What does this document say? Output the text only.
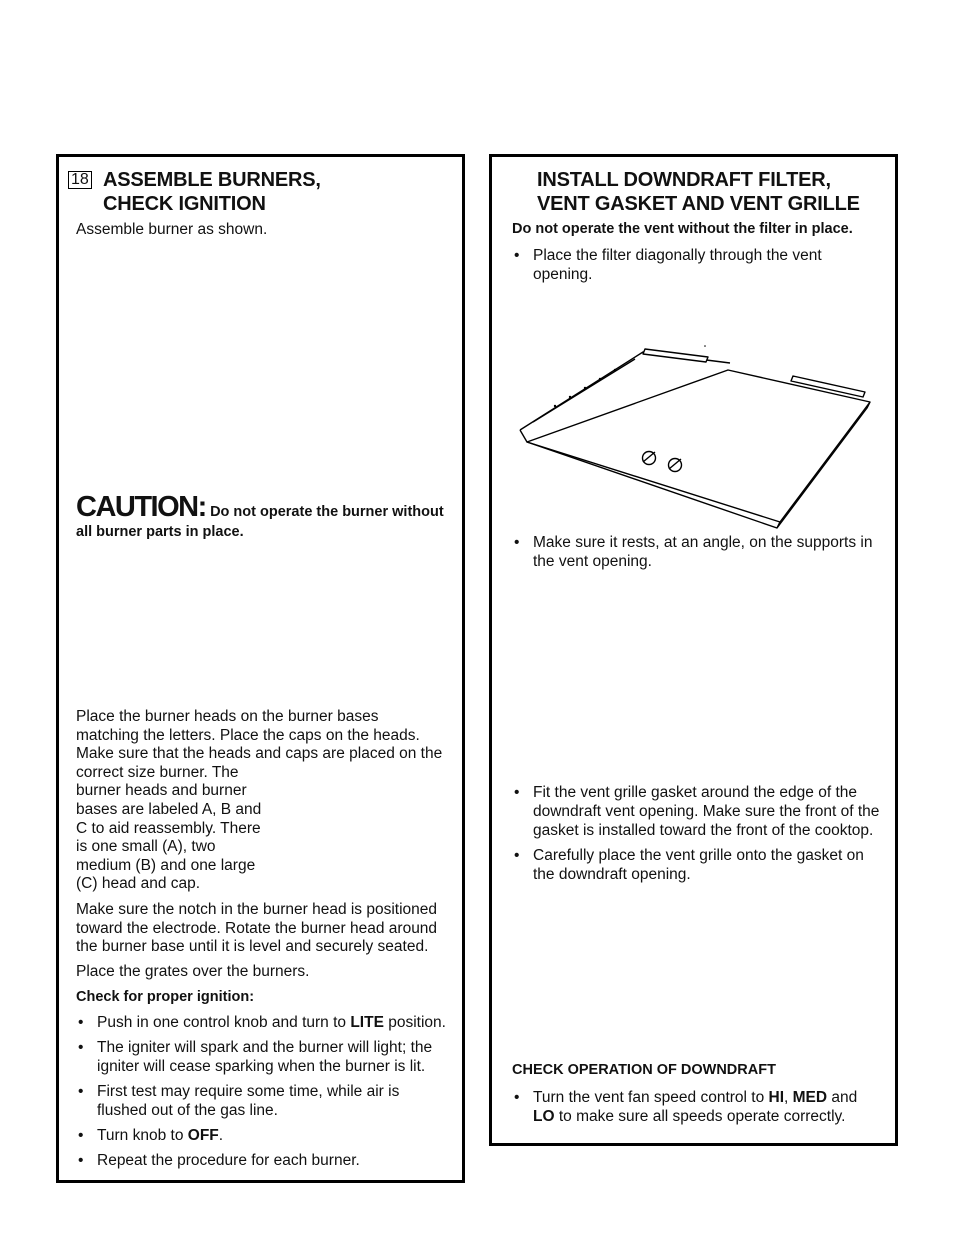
18 ASSEMBLE BURNERS,
CHECK IGNITION
Assemble burner as shown.
CAUTION: Do not operate the burner without
all burner parts in place.
Place the burner heads on the burner bases
matching the letters. Place the caps on the heads.
Make sure that the heads and caps are placed on the
correct size burner. The
burner heads and burner
bases are labeled A, B and
C to aid reassembly. There
is one small (A), two
medium (B) and one large
(C) head and cap.
Make sure the notch in the burner head is positioned
toward the electrode. Rotate the burner head around
the burner base until it is level and securely seated.
Place the grates over the burners.
Check for proper ignition:
• Push in one control knob and turn to LITE position.
• The igniter will spark and the burner will light; the
igniter will cease sparking when the burner is lit.
• First test may require some time, while air is
flushed out of the gas line.
• Turn knob to OFF.
• Repeat the procedure for each burner.
INSTALL DOWNDRAFT FILTER,
VENT GASKET AND VENT GRILLE
Do not operate the vent without the filter in place.
• Place the filter diagonally through the vent
opening.
• Make sure it rests, at an angle, on the supports in
the vent opening.
• Fit the vent grille gasket around the edge of the
downdraft vent opening. Make sure the front of the
gasket is installed toward the front of the cooktop.
• Carefully place the vent grille onto the gasket on
the downdraft opening.
CHECK OPERATION OF DOWNDRAFT
• Turn the vent fan speed control to HI, MED and
LO to make sure all speeds operate correctly.
